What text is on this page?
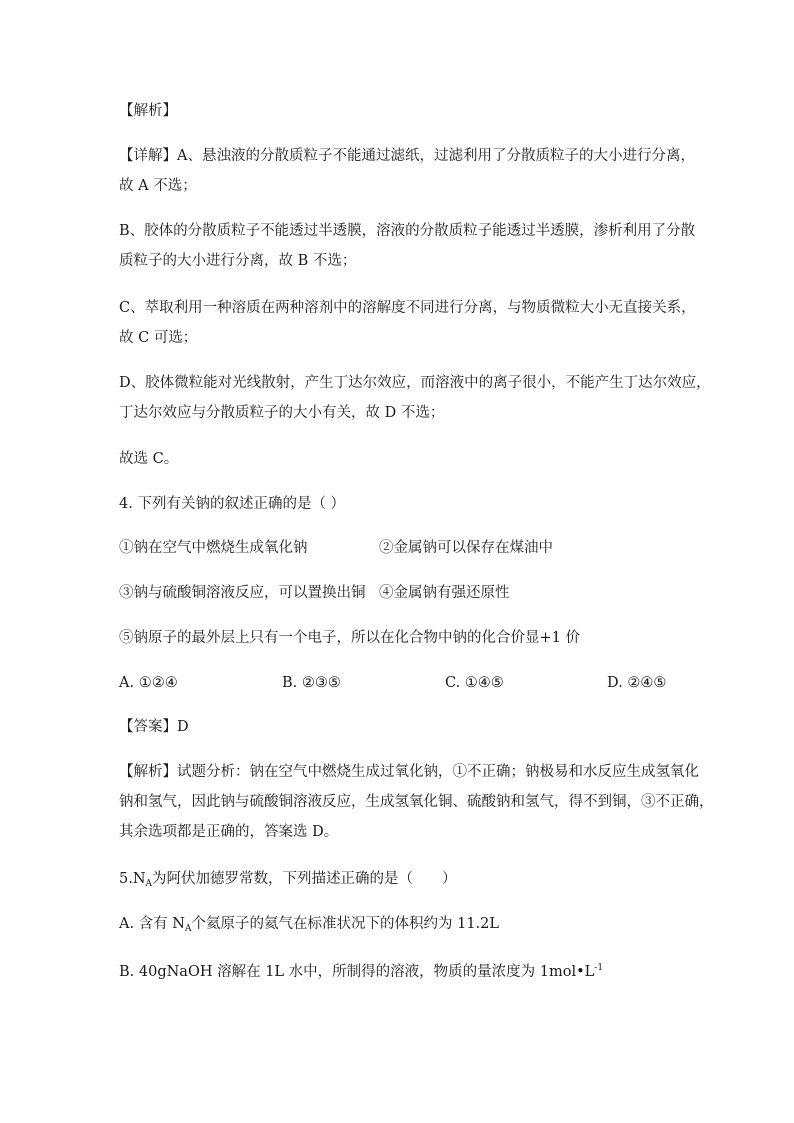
【解析】
【详解】A、悬浊液的分散质粒子不能通过滤纸，过滤利用了分散质粒子的大小进行分离，
故 A 不选；
B、胶体的分散质粒子不能透过半透膜，溶液的分散质粒子能透过半透膜，渗析利用了分散
质粒子的大小进行分离，故 B 不选；
C、萃取利用一种溶质在两种溶剂中的溶解度不同进行分离，与物质微粒大小无直接关系，
故 C 可选；
D、胶体微粒能对光线散射，产生丁达尔效应，而溶液中的离子很小，不能产生丁达尔效应，
丁达尔效应与分散质粒子的大小有关，故 D 不选；
故选 C。
4. 下列有关钠的叙述正确的是（ ）
①钠在空气中燃烧生成氧化钠	②金属钠可以保存在煤油中
③钠与硫酸铜溶液反应，可以置换出铜 ④金属钠有强还原性
⑤钠原子的最外层上只有一个电子，所以在化合物中钠的化合价显+1 价
A. ①②④	B. ②③⑤	C. ①④⑤	D. ②④⑤
【答案】D
【解析】试题分析：钠在空气中燃烧生成过氧化钠，①不正确；钠极易和水反应生成氢氧化
钠和氢气，因此钠与硫酸铜溶液反应，生成氢氧化铜、硫酸钠和氢气，得不到铜，③不正确，
其余选项都是正确的，答案选 D。
$5.N_A$为阿伏加德罗常数，下列描述正确的是（　　）
A. 含有 $N_A$个氦原子的氦气在标准状况下的体积约为 11.2L
B. 40gNaOH 溶解在 1L 水中，所制得的溶液，物质的量浓度为 $1mol•L^{-1}$
